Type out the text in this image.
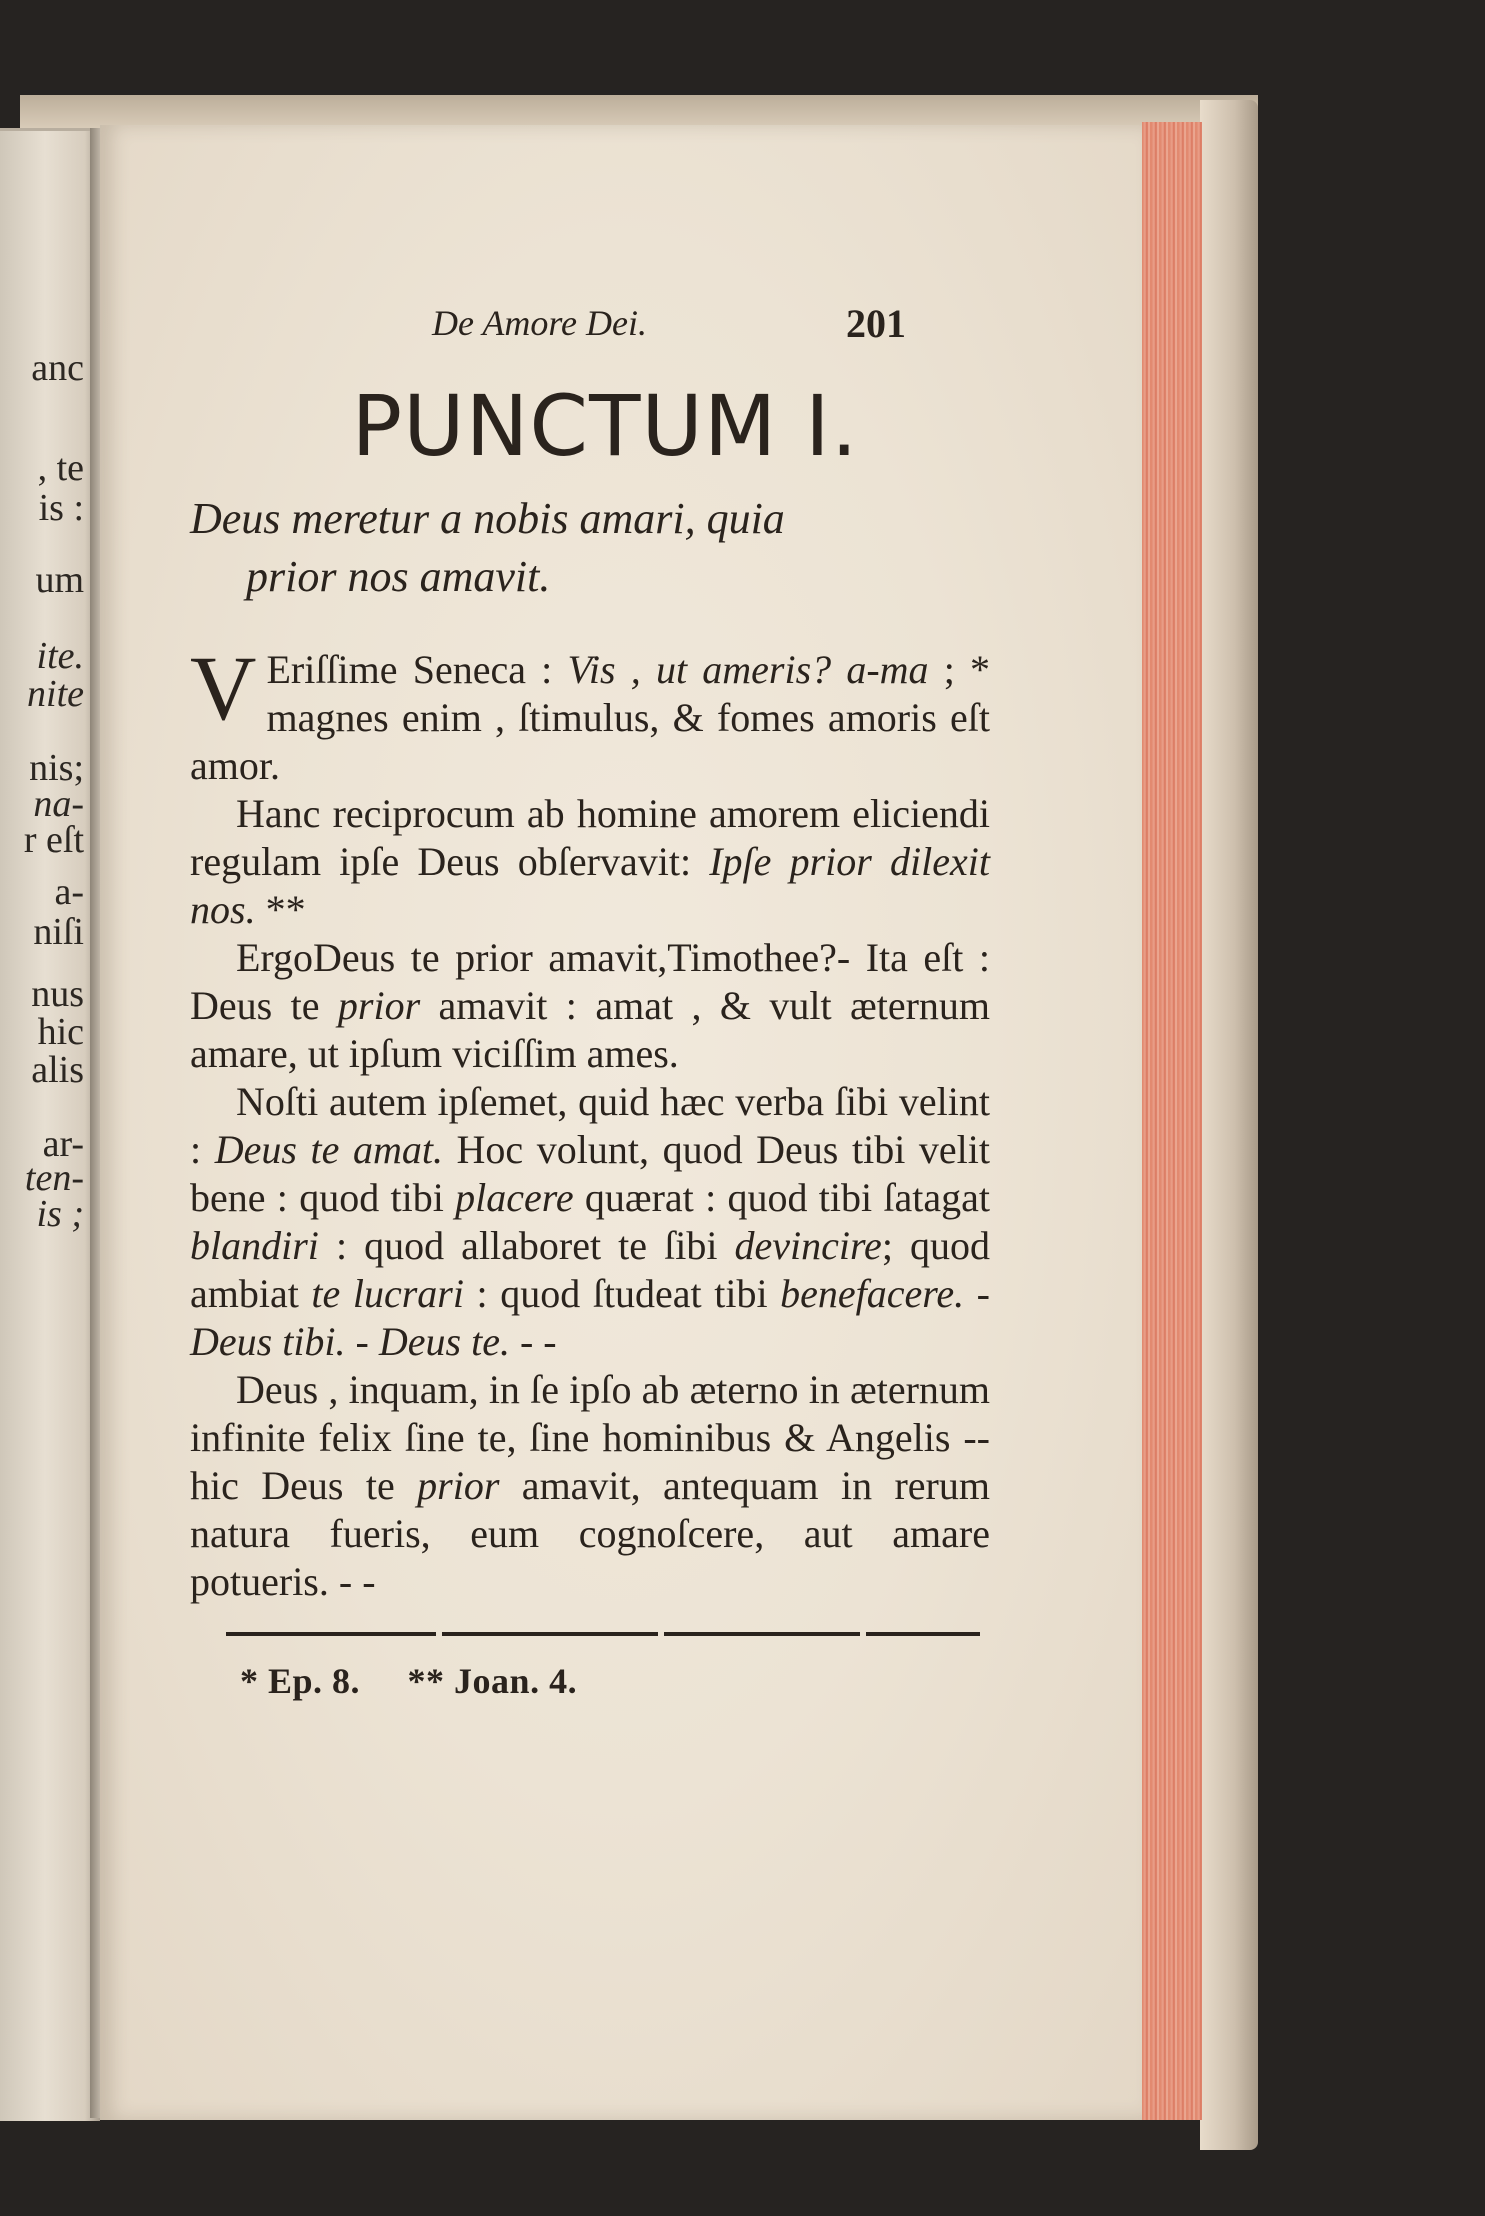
anc
, te
is :
um
ite.
nite
nis;
na-
r eſt
a-
niſi
nus
hic
alis
ar-
ten-
is ;
De Amore Dei.	201
PUNCTUM I.
Deus meretur a nobis amari, quia
prior nos amavit.

V Eriſſime Seneca : Vis , ut ameris? a-ma ; * magnes enim , ſtimulus, & fomes amoris eſt amor.

Hanc reciprocum ab homine amorem eliciendi regulam ipſe Deus obſervavit: Ipſe prior dilexit nos. **

ErgoDeus te prior amavit,Timothee?- Ita eſt : Deus te prior amavit : amat , & vult æternum amare, ut ipſum viciſſim ames.

Noſti autem ipſemet, quid hæc verba ſibi velint : Deus te amat. Hoc volunt, quod Deus tibi velit bene : quod tibi placere quærat : quod tibi ſatagat blandiri : quod allaboret te ſibi devincire; quod ambiat te lucrari : quod ſtudeat tibi benefacere. - Deus tibi. - Deus te. - -

Deus , inquam, in ſe ipſo ab æterno in æternum infinite felix ſine te, ſine hominibus & Angelis -- hic Deus te prior amavit, antequam in rerum natura fueris, eum cognoſcere, aut amare potueris. - -

* Ep. 8. ** Joan. 4.
